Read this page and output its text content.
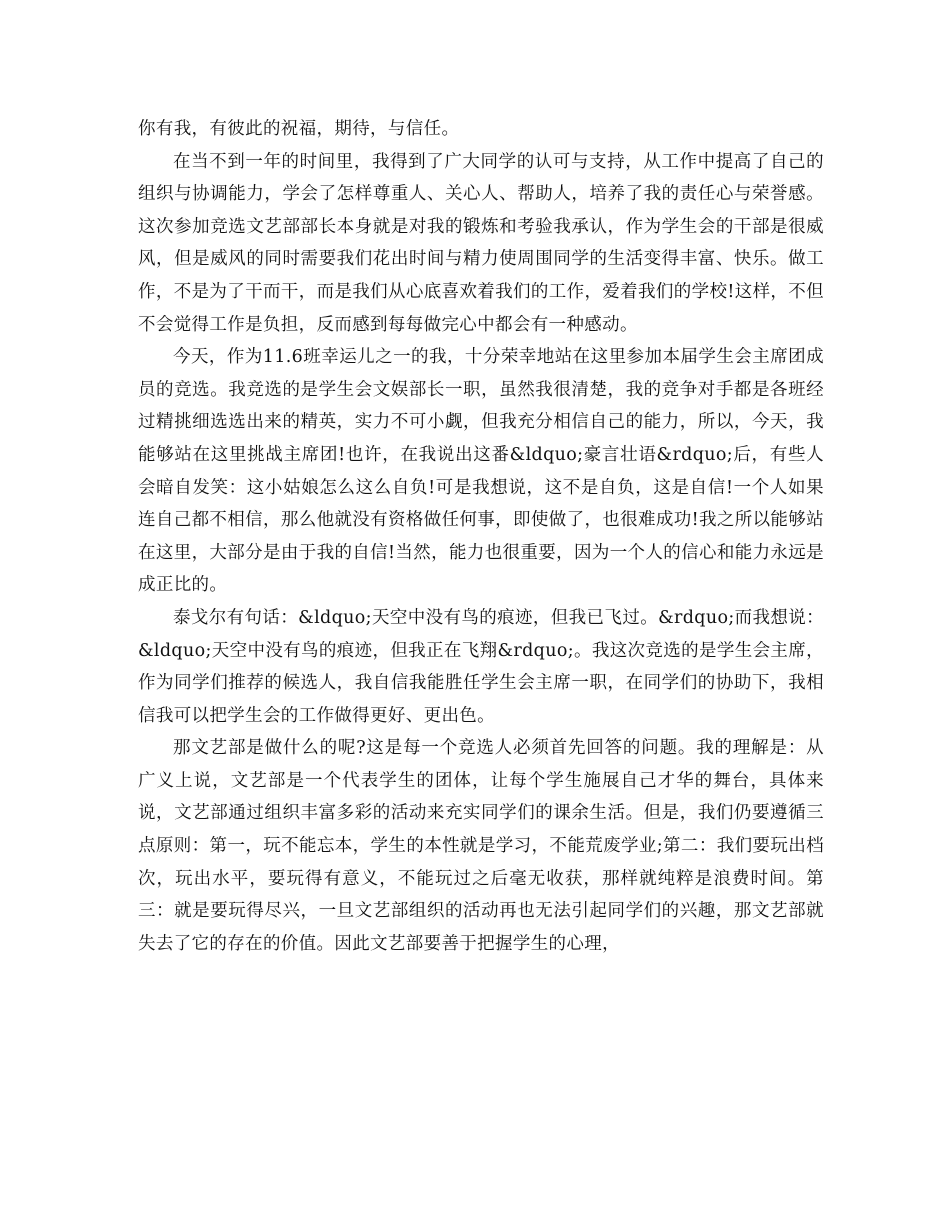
你有我，有彼此的祝福，期待，与信任。

在当不到一年的时间里，我得到了广大同学的认可与支持，从工作中提高了自己的组织与协调能力，学会了怎样尊重人、关心人、帮助人，培养了我的责任心与荣誉感。这次参加竞选文艺部部长本身就是对我的锻炼和考验我承认，作为学生会的干部是很威风，但是威风的同时需要我们花出时间与精力使周围同学的生活变得丰富、快乐。做工作，不是为了干而干，而是我们从心底喜欢着我们的工作，爱着我们的学校!这样，不但不会觉得工作是负担，反而感到每每做完心中都会有一种感动。

今天，作为11.6班幸运儿之一的我，十分荣幸地站在这里参加本届学生会主席团成员的竞选。我竞选的是学生会文娱部长一职，虽然我很清楚，我的竞争对手都是各班经过精挑细选选出来的精英，实力不可小觑，但我充分相信自己的能力，所以，今天，我能够站在这里挑战主席团!也许，在我说出这番&ldquo;豪言壮语&rdquo;后，有些人会暗自发笑：这小姑娘怎么这么自负!可是我想说，这不是自负，这是自信!一个人如果连自己都不相信，那么他就没有资格做任何事，即使做了，也很难成功!我之所以能够站在这里，大部分是由于我的自信!当然，能力也很重要，因为一个人的信心和能力永远是成正比的。

泰戈尔有句话：&ldquo;天空中没有鸟的痕迹，但我已飞过。&rdquo;而我想说：&ldquo;天空中没有鸟的痕迹，但我正在飞翔&rdquo;。我这次竞选的是学生会主席，作为同学们推荐的候选人，我自信我能胜任学生会主席一职，在同学们的协助下，我相信我可以把学生会的工作做得更好、更出色。

那文艺部是做什么的呢?这是每一个竞选人必须首先回答的问题。我的理解是：从广义上说，文艺部是一个代表学生的团体，让每个学生施展自己才华的舞台，具体来说，文艺部通过组织丰富多彩的活动来充实同学们的课余生活。但是，我们仍要遵循三点原则：第一，玩不能忘本，学生的本性就是学习，不能荒废学业;第二：我们要玩出档次，玩出水平，要玩得有意义，不能玩过之后毫无收获，那样就纯粹是浪费时间。第三：就是要玩得尽兴，一旦文艺部组织的活动再也无法引起同学们的兴趣，那文艺部就失去了它的存在的价值。因此文艺部要善于把握学生的心理，
